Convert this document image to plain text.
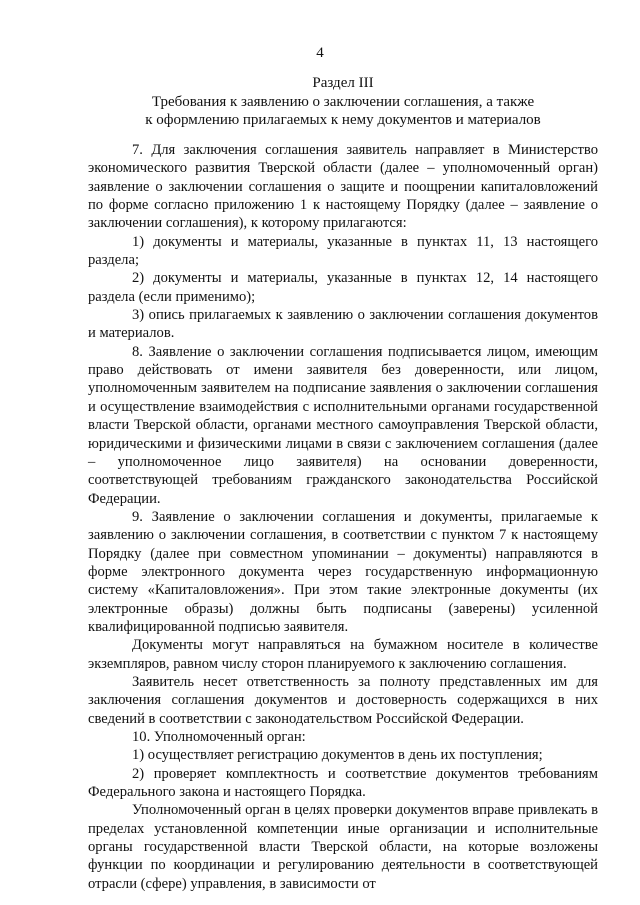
4
Раздел III
Требования к заявлению о заключении соглашения, а также
к оформлению прилагаемых к нему документов и материалов

7. Для заключения соглашения заявитель направляет в Министерство экономического развития Тверской области (далее – уполномоченный орган) заявление о заключении соглашения о защите и поощрении капиталовложений по форме согласно приложению 1 к настоящему Порядку (далее – заявление о заключении соглашения), к которому прилагаются:

1) документы и материалы, указанные в пунктах 11, 13 настоящего раздела;

2) документы и материалы, указанные в пунктах 12, 14 настоящего раздела (если применимо);

3) опись прилагаемых к заявлению о заключении соглашения документов и материалов.

8. Заявление о заключении соглашения подписывается лицом, имеющим право действовать от имени заявителя без доверенности, или лицом, уполномоченным заявителем на подписание заявления о заключении соглашения и осуществление взаимодействия с исполнительными органами государственной власти Тверской области, органами местного самоуправления Тверской области, юридическими и физическими лицами в связи с заключением соглашения (далее – уполномоченное лицо заявителя) на основании доверенности, соответствующей требованиям гражданского законодательства Российской Федерации.

9. Заявление о заключении соглашения и документы, прилагаемые к заявлению о заключении соглашения, в соответствии с пунктом 7 к настоящему Порядку (далее при совместном упоминании – документы) направляются в форме электронного документа через государственную информационную систему «Капиталовложения». При этом такие электронные документы (их электронные образы) должны быть подписаны (заверены) усиленной квалифицированной подписью заявителя.

Документы могут направляться на бумажном носителе в количестве экземпляров, равном числу сторон планируемого к заключению соглашения.

Заявитель несет ответственность за полноту представленных им для заключения соглашения документов и достоверность содержащихся в них сведений в соответствии с законодательством Российской Федерации.

10. Уполномоченный орган:

1) осуществляет регистрацию документов в день их поступления;

2) проверяет комплектность и соответствие документов требованиям Федерального закона и настоящего Порядка.

Уполномоченный орган в целях проверки документов вправе привлекать в пределах установленной компетенции иные организации и исполнительные органы государственной власти Тверской области, на которые возложены функции по координации и регулированию деятельности в соответствующей отрасли (сфере) управления, в зависимости от
